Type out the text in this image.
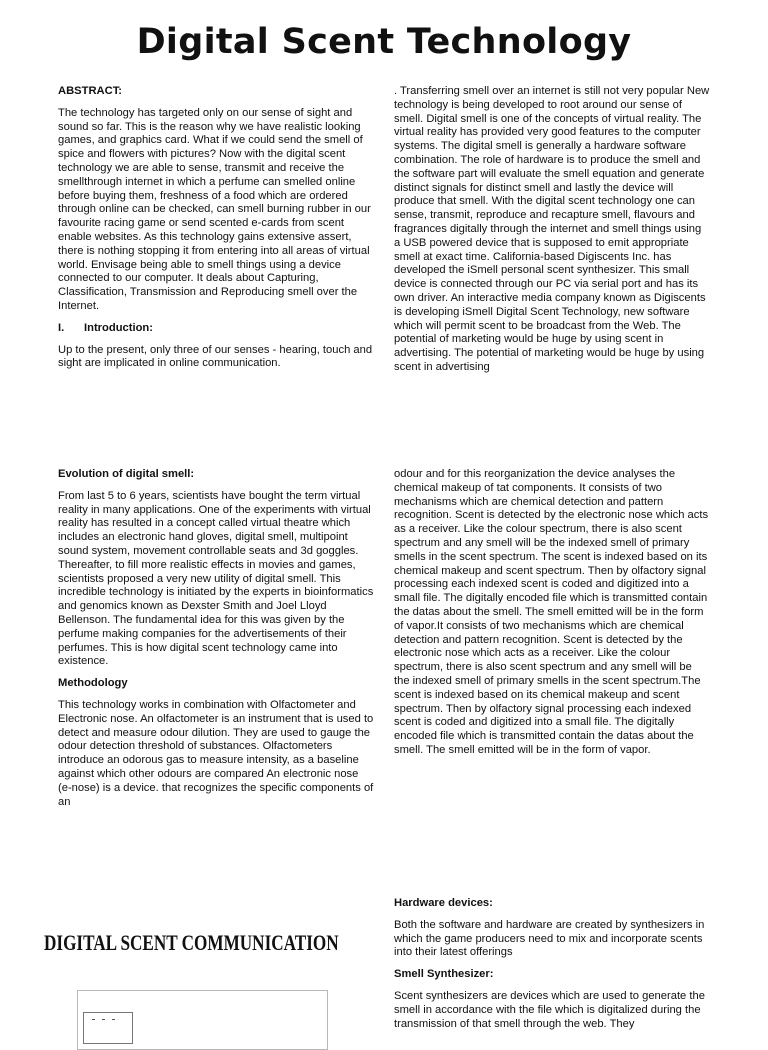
Digital Scent Technology
ABSTRACT:

The technology has targeted only on our sense of sight and sound so far. This is the reason why we have realistic looking games, and graphics card. What if we could send the smell of spice and flowers with pictures? Now with the digital scent technology we are able to sense, transmit and receive the smellthrough internet in which a perfume can smelled online before buying them, freshness of a food which are ordered through online can be checked, can smell burning rubber in our favourite racing game or send scented e-cards from scent enable websites. As this technology gains extensive assert, there is nothing stopping it from entering into all areas of virtual world. Envisage being able to smell things using a device connected to our computer. It deals about Capturing, Classification, Transmission and Reproducing smell over the Internet.

I. Introduction:

Up to the present, only three of our senses - hearing, touch and sight are implicated in online communication.

. Transferring smell over an internet is still not very popular New technology is being developed to root around our sense of smell. Digital smell is one of the concepts of virtual reality. The virtual reality has provided very good features to the computer systems. The digital smell is generally a hardware software combination. The role of hardware is to produce the smell and the software part will evaluate the smell equation and generate distinct signals for distinct smell and lastly the device will produce that smell. With the digital scent technology one can sense, transmit, reproduce and recapture smell, flavours and fragrances digitally through the internet and smell things using a USB powered device that is supposed to emit appropriate smell at exact time. California-based Digiscents Inc. has developed the iSmell personal scent synthesizer. This small device is connected through our PC via serial port and has its own driver. An interactive media company known as Digiscents is developing iSmell Digital Scent Technology, new software which will permit scent to be broadcast from the Web. The potential of marketing would be huge by using scent in advertising. The potential of marketing would be huge by using scent in advertising

Evolution of digital smell:

From last 5 to 6 years, scientists have bought the term virtual reality in many applications. One of the experiments with virtual reality has resulted in a concept called virtual theatre which includes an electronic hand gloves, digital smell, multipoint sound system, movement controllable seats and 3d goggles. Thereafter, to fill more realistic effects in movies and games, scientists proposed a very new utility of digital smell. This incredible technology is initiated by the experts in bioinformatics and genomics known as Dexster Smith and Joel Lloyd Bellenson. The fundamental idea for this was given by the perfume making companies for the advertisements of their perfumes. This is how digital scent technology came into existence.

Methodology

This technology works in combination with Olfactometer and Electronic nose. An olfactometer is an instrument that is used to detect and measure odour dilution. They are used to gauge the odour detection threshold of substances. Olfactometers introduce an odorous gas to measure intensity, as a baseline against which other odours are compared An electronic nose (e-nose) is a device. that recognizes the specific components of an

odour and for this reorganization the device analyses the chemical makeup of tat components. It consists of two mechanisms which are chemical detection and pattern recognition. Scent is detected by the electronic nose which acts as a receiver. Like the colour spectrum, there is also scent spectrum and any smell will be the indexed smell of primary smells in the scent spectrum. The scent is indexed based on its chemical makeup and scent spectrum. Then by olfactory signal processing each indexed scent is coded and digitized into a small file. The digitally encoded file which is transmitted contain the datas about the smell. The smell emitted will be in the form of vapor.It consists of two mechanisms which are chemical detection and pattern recognition. Scent is detected by the electronic nose which acts as a receiver. Like the colour spectrum, there is also scent spectrum and any smell will be the indexed smell of primary smells in the scent spectrum.The scent is indexed based on its chemical makeup and scent spectrum. Then by olfactory signal processing each indexed scent is coded and digitized into a small file. The digitally encoded file which is transmitted contain the datas about the smell. The smell emitted will be in the form of vapor.

DIGITAL SCENT COMMUNICATION
Hardware devices:

Both the software and hardware are created by synthesizers in which the game producers need to mix and incorporate scents into their latest offerings

Smell Synthesizer:

Scent synthesizers are devices which are used to generate the smell in accordance with the file which is digitalized during the transmission of that smell through the web. They
